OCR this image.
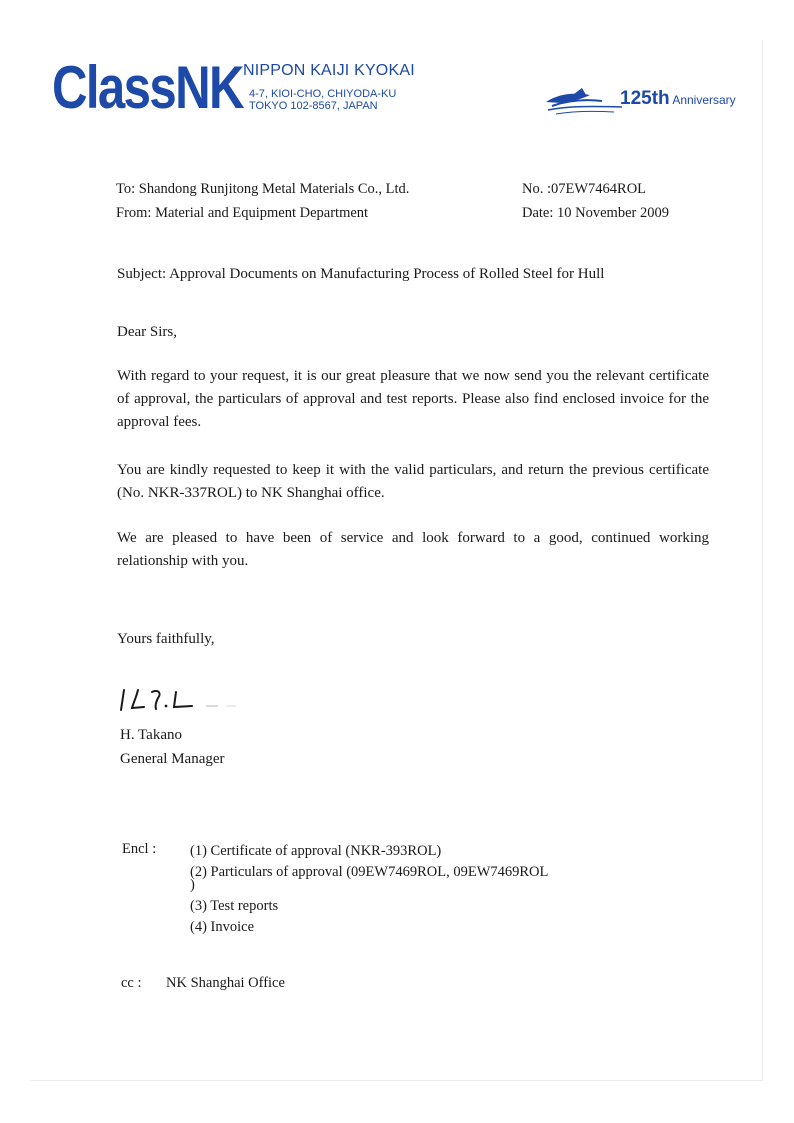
ClassNK NIPPON KAIJI KYOKAI
4-7, KIOI-CHO, CHIYODA-KU
TOKYO 102-8567, JAPAN	125th Anniversary
To: Shandong Runjitong Metal Materials Co., Ltd.
From: Material and Equipment Department
No. :07EW7464ROL
Date: 10 November 2009
Subject: Approval Documents on Manufacturing Process of Rolled Steel for Hull
Dear Sirs,
With regard to your request, it is our great pleasure that we now send you the relevant certificate of approval, the particulars of approval and test reports. Please also find enclosed invoice for the approval fees.
You are kindly requested to keep it with the valid particulars, and return the previous certificate (No. NKR-337ROL) to NK Shanghai office.
We are pleased to have been of service and look forward to a good, continued working relationship with you.
Yours faithfully,
H. Takano
General Manager
Encl : (1) Certificate of approval (NKR-393ROL)
(2) Particulars of approval (09EW7469ROL, 09EW7469ROL
)
(3) Test reports
(4) Invoice
cc : NK Shanghai Office
